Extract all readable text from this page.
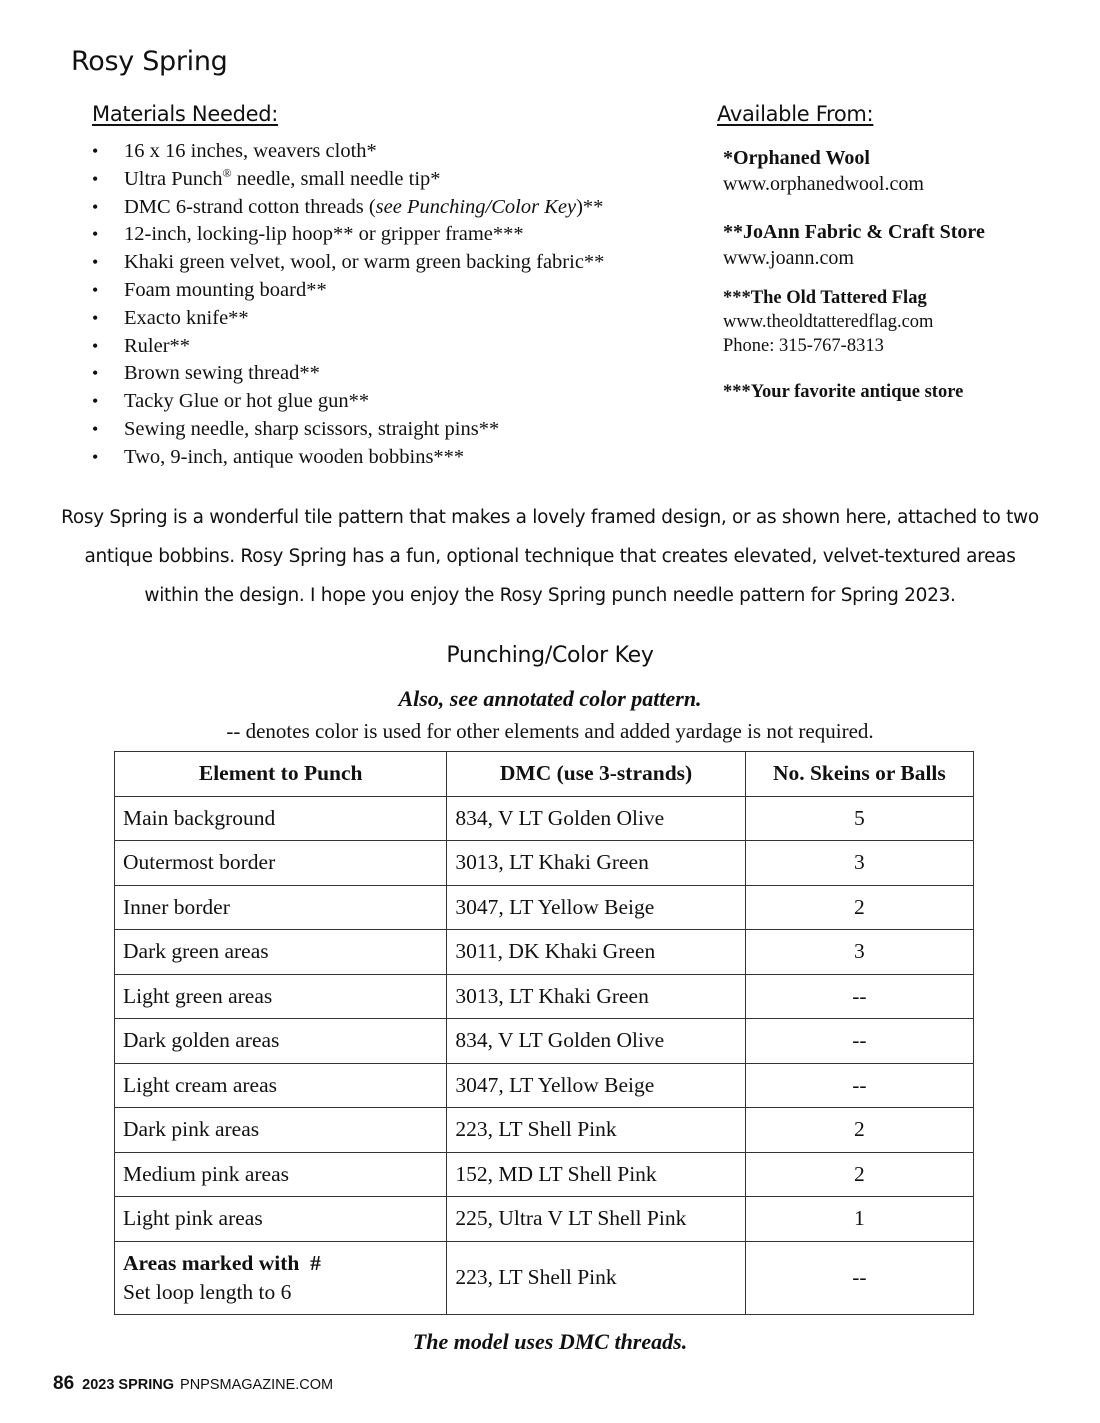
Rosy Spring
Materials Needed:
• 16 x 16 inches, weavers cloth*
• Ultra Punch® needle, small needle tip*
• DMC 6-strand cotton threads (see Punching/Color Key)**
• 12-inch, locking-lip hoop** or gripper frame***
• Khaki green velvet, wool, or warm green backing fabric**
• Foam mounting board**
• Exacto knife**
• Ruler**
• Brown sewing thread**
• Tacky Glue or hot glue gun**
• Sewing needle, sharp scissors, straight pins**
• Two, 9-inch, antique wooden bobbins***
Available From:
*Orphaned Wool
www.orphanedwool.com
**JoAnn Fabric & Craft Store
www.joann.com
***The Old Tattered Flag
www.theoldtatteredflag.com
Phone: 315-767-8313
***Your favorite antique store
Rosy Spring is a wonderful tile pattern that makes a lovely framed design, or as shown here, attached to two antique bobbins. Rosy Spring has a fun, optional technique that creates elevated, velvet-textured areas within the design. I hope you enjoy the Rosy Spring punch needle pattern for Spring 2023.
Punching/Color Key
Also, see annotated color pattern.
-- denotes color is used for other elements and added yardage is not required.
Element to Punch	DMC (use 3-strands)	No. Skeins or Balls
Main background	834, V LT Golden Olive	5
Outermost border	3013, LT Khaki Green	3
Inner border	3047, LT Yellow Beige	2
Dark green areas	3011, DK Khaki Green	3
Light green areas	3013, LT Khaki Green	--
Dark golden areas	834, V LT Golden Olive	--
Light cream areas	3047, LT Yellow Beige	--
Dark pink areas	223, LT Shell Pink	2
Medium pink areas	152, MD LT Shell Pink	2
Light pink areas	225, Ultra V LT Shell Pink	1
Areas marked with  #
Set loop length to 6	223, LT Shell Pink	--
The model uses DMC threads.
86 2023 SPRING PNPSMAGAZINE.COM
